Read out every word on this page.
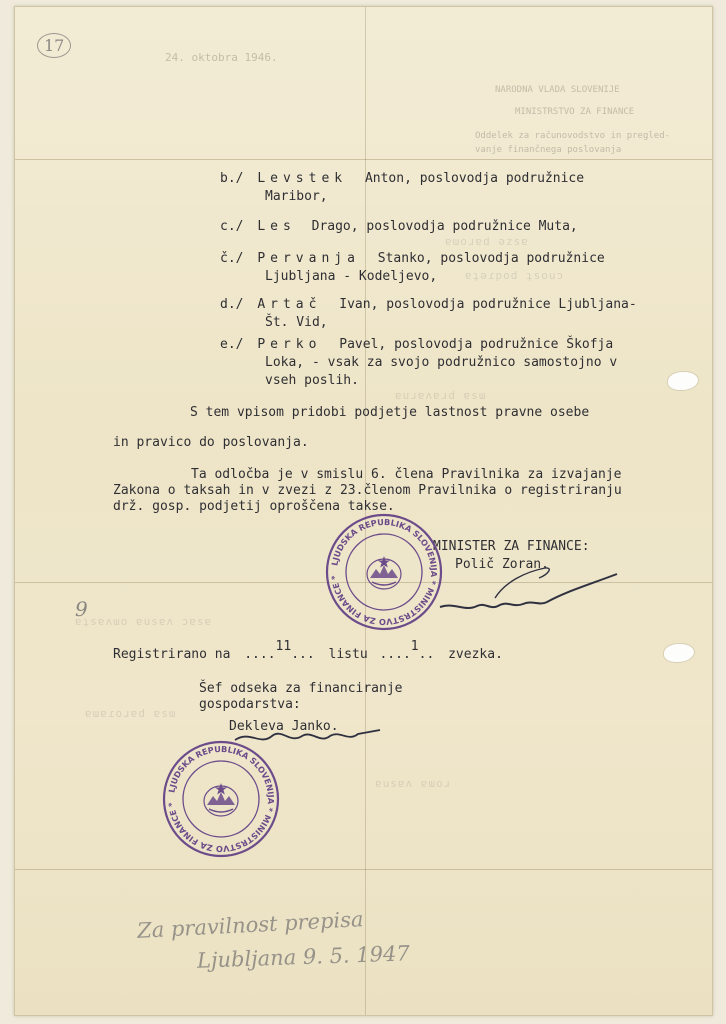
17
24. oktobra 1946.
NARODNA VLADA SLOVENIJE
MINISTRSTVO ZA FINANCE
Oddelek za računovodstvo in pregled-
vanje finančnega poslovanja
ɐɯoɹɐd ǝzsɐ
ɐʇǝɾpod ʇsouɔ
ɐuɹɐʌɐɹd ɐsɯ
ɐʇsɐʌɯo ɐusɐʌ ɔɐsɐ
ɐɯɐɾoɹɐd ɐsɯ
ɐusɐʌ ɐɯoɹ
b./ Levstek Anton, poslovodja podružnice
Maribor,
c./ Les Drago, poslovodja podružnice Muta,
č./ Pervanja Stanko, poslovodja podružnice
Ljubljana - Kodeljevo,
d./ Artač Ivan, poslovodja podružnice Ljubljana-
Št. Vid,
e./ Perko Pavel, poslovodja podružnice Škofja
Loka, - vsak za svojo podružnico samostojno v
vseh poslih.
S tem vpisom pridobi podjetje lastnost pravne osebe
in pravico do poslovanja.
Ta odločba je v smislu 6. člena Pravilnika za izvajanje
Zakona o taksah in v zvezi z 23.členom Pravilnika o registriranju
drž. gosp. podjetij oproščena takse.
MINISTER ZA FINANCE:
Polič Zoran.
LJUDSKA REPUBLIKA SLOVENIJA * MINISTRSTVO ZA FINANCE *
9
Registrirano na ....11... listu ....1.. zvezka.
Šef odseka za financiranje
gospodarstva:
Dekleva Janko.
LJUDSKA REPUBLIKA SLOVENIJA * MINISTRSTVO ZA FINANCE *
Za pravilnost prepisa
Ljubljana 9. 5. 1947
